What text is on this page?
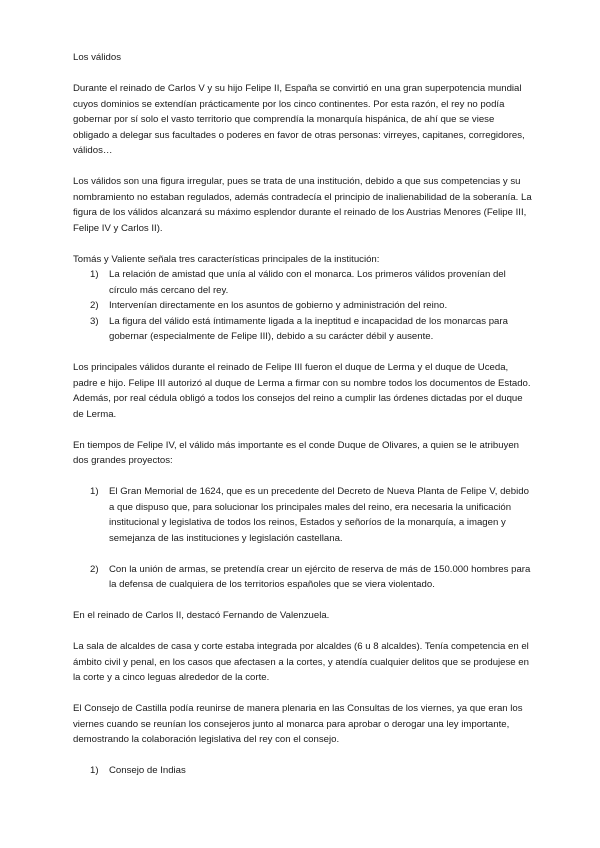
Los válidos
Durante el reinado de Carlos V y su hijo Felipe II, España se convirtió en una gran superpotencia mundial cuyos dominios se extendían prácticamente por los cinco continentes. Por esta razón, el rey no podía gobernar por sí solo el vasto territorio que comprendía la monarquía hispánica, de ahí que se viese obligado a delegar sus facultades o poderes en favor de otras personas: virreyes, capitanes, corregidores, válidos…
Los válidos son una figura irregular, pues se trata de una institución, debido a que sus competencias y su nombramiento no estaban regulados, además contradecía el principio de inalienabilidad de la soberanía. La figura de los válidos alcanzará su máximo esplendor durante el reinado de los Austrias Menores (Felipe III, Felipe IV y Carlos II).
Tomás y Valiente señala tres características principales de la institución:
1) La relación de amistad que unía al válido con el monarca. Los primeros válidos provenían del círculo más cercano del rey.
2) Intervenían directamente en los asuntos de gobierno y administración del reino.
3) La figura del válido está íntimamente ligada a la ineptitud e incapacidad de los monarcas para gobernar (especialmente de Felipe III), debido a su carácter débil y ausente.
Los principales válidos durante el reinado de Felipe III fueron el duque de Lerma y el duque de Uceda, padre e hijo. Felipe III autorizó al duque de Lerma a firmar con su nombre todos los documentos de Estado. Además, por real cédula obligó a todos los consejos del reino a cumplir las órdenes dictadas por el duque de Lerma.
En tiempos de Felipe IV, el válido más importante es el conde Duque de Olivares, a quien se le atribuyen dos grandes proyectos:
1) El Gran Memorial de 1624, que es un precedente del Decreto de Nueva Planta de Felipe V, debido a que dispuso que, para solucionar los principales males del reino, era necesaria la unificación institucional y legislativa de todos los reinos, Estados y señoríos de la monarquía, a imagen y semejanza de las instituciones y legislación castellana.
2) Con la unión de armas, se pretendía crear un ejército de reserva de más de 150.000 hombres para la defensa de cualquiera de los territorios españoles que se viera violentado.
En el reinado de Carlos II, destacó Fernando de Valenzuela.
La sala de alcaldes de casa y corte estaba integrada por alcaldes (6 u 8 alcaldes). Tenía competencia en el ámbito civil y penal, en los casos que afectasen a la cortes, y atendía cualquier delitos que se produjese en la corte y a cinco leguas alrededor de la corte.
El Consejo de Castilla podía reunirse de manera plenaria en las Consultas de los viernes, ya que eran los viernes cuando se reunían los consejeros junto al monarca para aprobar o derogar una ley importante, demostrando la colaboración legislativa del rey con el consejo.
1) Consejo de Indias
